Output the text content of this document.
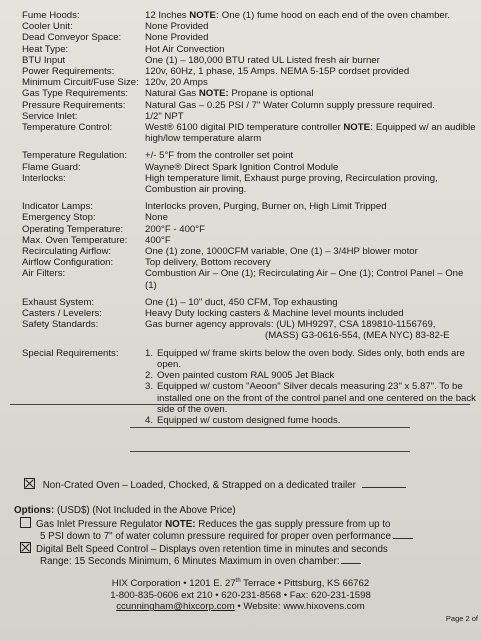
Fume Hoods:	12 Inches NOTE: One (1) fume hood on each end of the oven chamber.
Cooler Unit:	None Provided
Dead Conveyor Space:	None Provided
Heat Type:	Hot Air Convection
BTU Input	One (1) – 180,000 BTU rated UL Listed fresh air burner
Power Requirements:	120v, 60Hz, 1 phase, 15 Amps. NEMA 5-15P cordset provided
Minimum Circuit/Fuse Size: 120v, 20 Amps
Gas Type Requirements:	Natural Gas NOTE: Propane is optional
Pressure Requirements:	Natural Gas – 0.25 PSI / 7" Water Column supply pressure required.
Service Inlet:	1/2" NPT
Temperature Control:	West® 6100 digital PID temperature controller NOTE: Equipped w/ an audible high/low temperature alarm
Temperature Regulation:	+/- 5°F from the controller set point
Flame Guard:	Wayne® Direct Spark Ignition Control Module
Interlocks:	High temperature limit, Exhaust purge proving, Recirculation proving, Combustion air proving.
Indicator Lamps:	Interlocks proven, Purging, Burner on, High Limit Tripped
Emergency Stop:	None
Operating Temperature:	200°F - 400°F
Max. Oven Temperature:	400°F
Recirculating Airflow:	One (1) zone, 1000CFM variable, One (1) – 3/4HP blower motor
Airflow Configuration:	Top delivery, Bottom recovery
Air Filters:	Combustion Air – One (1); Recirculating Air – One (1); Control Panel – One (1)
Exhaust System:	One (1) – 10" duct, 450 CFM, Top exhausting
Casters / Levelers:	Heavy Duty locking casters & Machine level mounts included
Safety Standards:	Gas burner agency approvals: (UL) MH9297, CSA 189810-1156769,
(MASS) G3-0616-554, (MEA NYC) 83-82-E
Special Requirements:	1. Equipped w/ frame skirts below the oven body. Sides only, both ends are open.
2. Oven painted custom RAL 9005 Jet Black
3. Equipped w/ custom "Aeoon" Silver decals measuring 23" x 5.87". To be installed one on the front of the control panel and one centered on the back side of the oven.
4. Equipped w/ custom designed fume hoods.
Non-Crated Oven – Loaded, Chocked, & Strapped on a dedicated trailer
Options: (USD$) (Not Included in the Above Price)
Gas Inlet Pressure Regulator NOTE: Reduces the gas supply pressure from up to
5 PSI down to 7" of water column pressure required for proper oven performance
Digital Belt Speed Control – Displays oven retention time in minutes and seconds
Range: 15 Seconds Minimum, 6 Minutes Maximum in oven chamber:
HIX Corporation • 1201 E. 27th Terrace • Pittsburg, KS 66762
1-800-835-0606 ext 210 • 620-231-8568 • Fax: 620-231-1598
ccunningham@hixcorp.com • Website: www.hixovens.com
Page 2 of
